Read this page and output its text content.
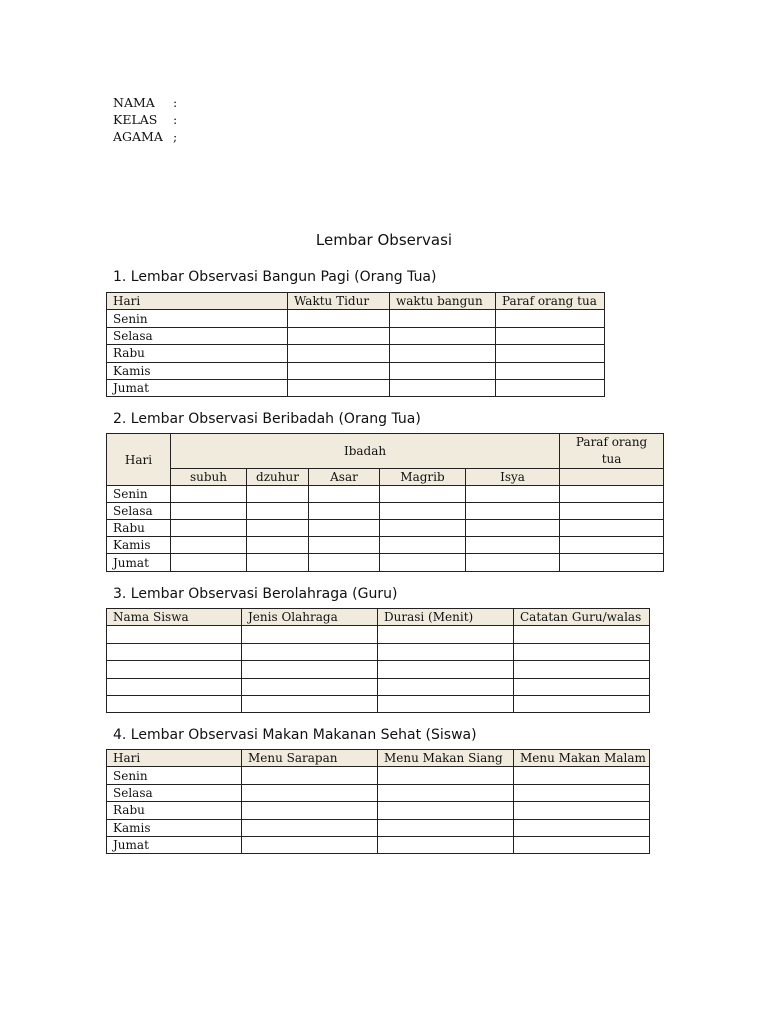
NAMA	:
KELAS	:
AGAMA ;
Lembar Observasi
1. Lembar Observasi Bangun Pagi (Orang Tua)
Hari	Waktu Tidur	waktu bangun	Paraf orang tua
Senin			
Selasa			
Rabu			
Kamis			
Jumat			
2. Lembar Observasi Beribadah (Orang Tua)
Hari	Ibadah					Paraf orang tua
	subuh	dzuhur	Asar	Magrib	Isya	
Senin						
Selasa						
Rabu						
Kamis						
Jumat						
3. Lembar Observasi Berolahraga (Guru)
Nama Siswa	Jenis Olahraga	Durasi (Menit)	Catatan Guru/walas

4. Lembar Observasi Makan Makanan Sehat (Siswa)
Hari	Menu Sarapan	Menu Makan Siang	Menu Makan Malam
Senin			
Selasa			
Rabu			
Kamis			
Jumat			
